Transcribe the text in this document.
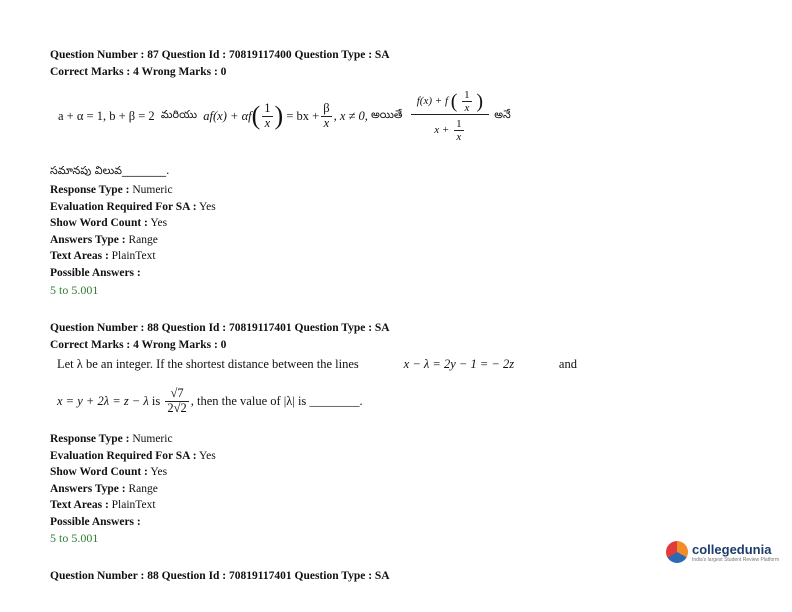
Question Number : 87 Question Id : 70819117400 Question Type : SA
Correct Marks : 4 Wrong Marks : 0
a + α = 1, b + β = 2
మరియు
af(x) + αf ( $\frac{1}{x}$ )
= bx + $\frac{\beta}{x}$ , x ≠ 0,
అయితే
$\frac{f(x) + f ( \frac{1}{x} )}{x + \frac{1}{x}}$
అనే
సమానపు విలువ________.
Response Type : Numeric
Evaluation Required For SA : Yes
Show Word Count : Yes
Answers Type : Range
Text Areas : PlainText
Possible Answers :
5 to 5.001
Question Number : 88 Question Id : 70819117401 Question Type : SA
Correct Marks : 4 Wrong Marks : 0
Let λ be an integer. If the shortest distance between the lines	x − λ = 2y − 1 = − 2z	and
x = y + 2λ = z − λ
is
$\frac{√7}{2√2}$ , then the value of |λ| is
________.
Response Type : Numeric
Evaluation Required For SA : Yes
Show Word Count : Yes
Answers Type : Range
Text Areas : PlainText
Possible Answers :
5 to 5.001
Question Number : 88 Question Id : 70819117401 Question Type : SA
collegedunia
India's largest Student Review Platform
